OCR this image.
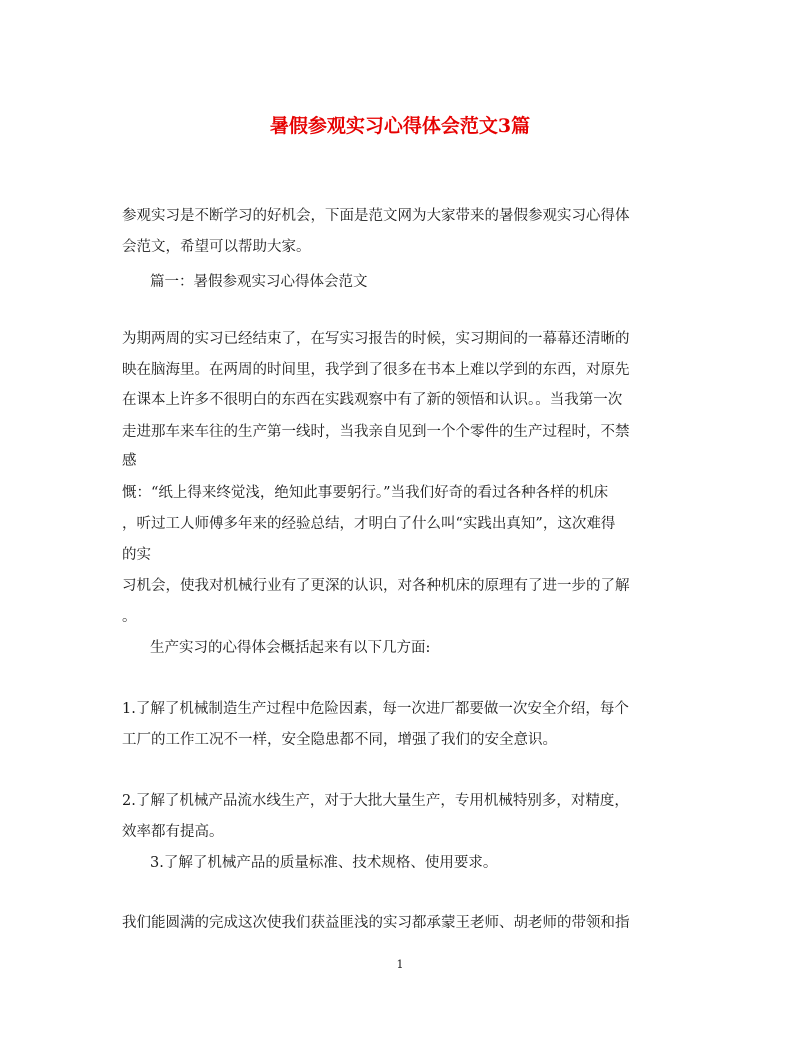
暑假参观实习心得体会范文3篇
参观实习是不断学习的好机会，下面是范文网为大家带来的暑假参观实习心得体
会范文，希望可以帮助大家。
篇一：暑假参观实习心得体会范文
为期两周的实习已经结束了，在写实习报告的时候，实习期间的一幕幕还清晰的
映在脑海里。在两周的时间里，我学到了很多在书本上难以学到的东西，对原先
在课本上许多不很明白的东西在实践观察中有了新的领悟和认识。。当我第一次
走进那车来车往的生产第一线时，当我亲自见到一个个零件的生产过程时，不禁
感
慨：“纸上得来终觉浅，绝知此事要躬行。”当我们好奇的看过各种各样的机床
，听过工人师傅多年来的经验总结，才明白了什么叫“实践出真知”，这次难得
的实
习机会，使我对机械行业有了更深的认识，对各种机床的原理有了进一步的了解
。
生产实习的心得体会概括起来有以下几方面:
1.了解了机械制造生产过程中危险因素，每一次进厂都要做一次安全介绍，每个
工厂的工作工况不一样，安全隐患都不同，增强了我们的安全意识。
2.了解了机械产品流水线生产，对于大批大量生产，专用机械特别多，对精度，
效率都有提高。
3.了解了机械产品的质量标准、技术规格、使用要求。
我们能圆满的完成这次使我们获益匪浅的实习都承蒙王老师、胡老师的带领和指
1
